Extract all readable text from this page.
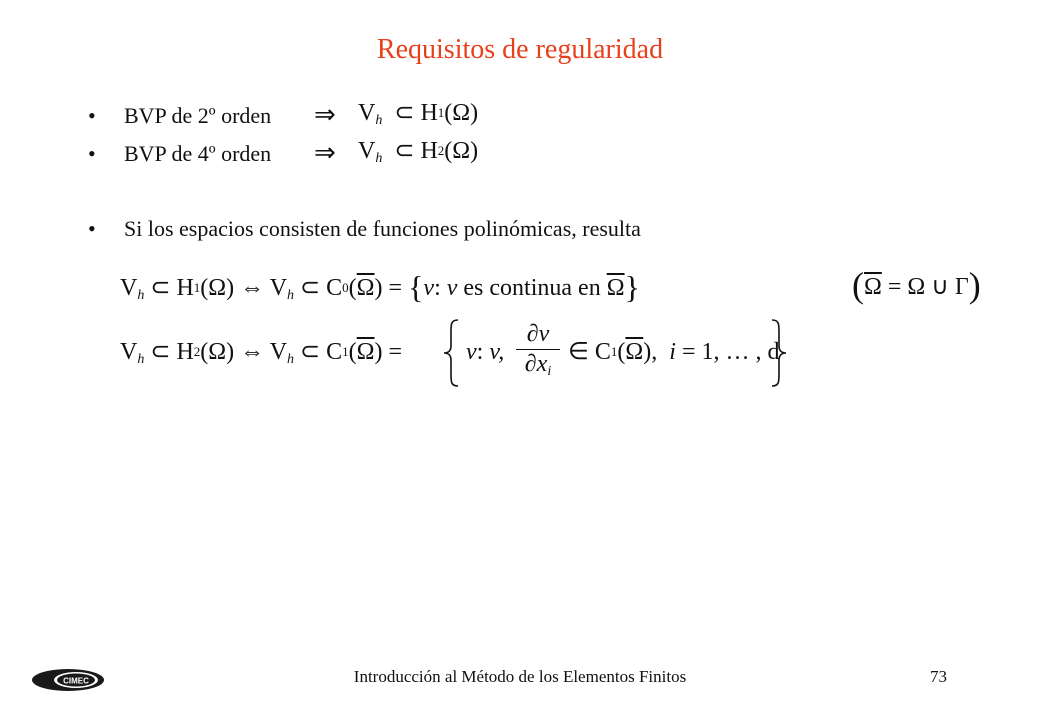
Requisitos de regularidad
• BVP de 2º orden ⇒ $V_h$ ⊂ $H^1(\Omega)$
• BVP de 4º orden ⇒ $V_h$ ⊂ $H^2(\Omega)$
• Si los espacios consisten de funciones polinómicas, resulta
$V_h$ ⊂ $H^1(\Omega)$ ⇔ $V_h$ ⊂ $C^0(\overline{\Omega}) = \{v$: v es continua en $\overline{\Omega}$}	($\overline{\Omega} = \Omega$ ∪ Γ)
$V_h$ ⊂ $H^2(\Omega)$ ⇔ $V_h$ ⊂ $C^1(\overline{\Omega})$ =	v: v,
∂v
$\partial x_i$
∈ $C^1(\overline{\Omega})$, i = 1, … , d
CIMEC	Introducción al Método de los Elementos Finitos	73
